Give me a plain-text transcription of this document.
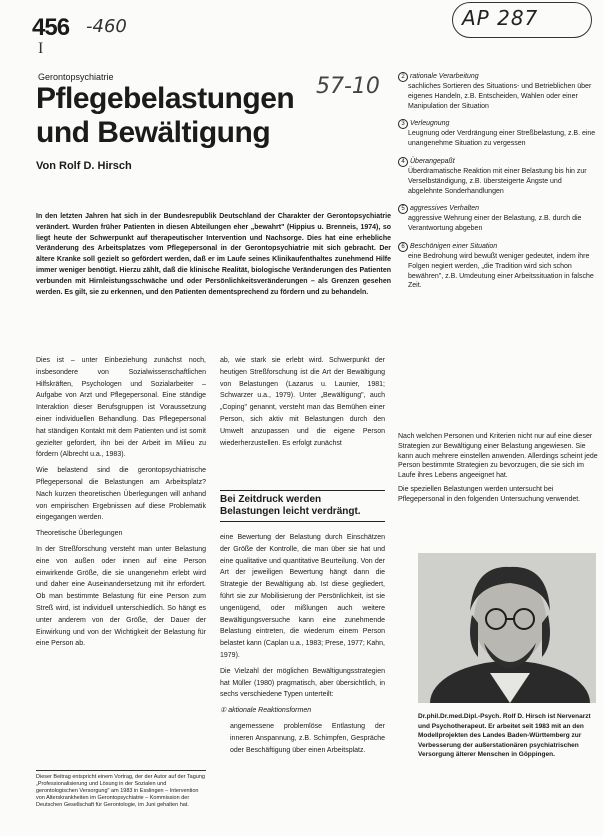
456 -460
I
AP 287
57-10
Gerontopsychiatrie
Pflegebelastungen
und Bewältigung
Von Rolf D. Hirsch
In den letzten Jahren hat sich in der Bundesrepublik Deutschland der Charakter der Gerontopsychiatrie verändert. Wurden früher Patienten in diesen Abteilungen eher „bewahrt" (Hippius u. Brenneis, 1974), so liegt heute der Schwerpunkt auf therapeutischer Intervention und Nachsorge. Dies hat eine erhebliche Veränderung des Arbeitsplatzes vom Pflegepersonal in der Gerontopsychiatrie mit sich gebracht. Der ältere Kranke soll gezielt so gefördert werden, daß er im Laufe seines Klinikaufenthaltes zunehmend Hilfe immer weniger benötigt. Hierzu zählt, daß die klinische Realität, biologische Veränderungen des Patienten verbunden mit Hirnleistungsschwäche und oder Persönlichkeitsveränderungen – als Grenzen gesehen werden. Es gilt, sie zu erkennen, und den Patienten dementsprechend zu fördern und zu behandeln.
2 rationale Verarbeitung
sachliches Sortieren des Situations- und Betrieblichen über eigenes Handeln, z.B. Entscheiden, Wahlen oder einer Manipulation der Situation
3 Verleugnung
Leugnung oder Verdrängung einer Streßbelastung, z.B. eine unangenehme Situation zu vergessen
4 Überangepaßt
Überdramatische Reaktion mit einer Belastung bis hin zur Verselbständigung, z.B. übersteigerte Ängste und abgelehnte Sonderhandlungen
5 aggressives Verhalten
aggressive Wehrung einer der Belastung, z.B. durch die Verantwortung abgeben
6 Beschönigen einer Situation
eine Bedrohung wird bewußt weniger gedeutet, indem ihre Folgen negiert werden, „die Tradition wird sich schon bewähren", z.B. Umdeutung einer Arbeitssituation in falsche Zeit.

Nach welchen Personen und Kriterien nicht nur auf eine dieser Strategien zur Bewältigung einer Belastung angewiesen. Sie kann auch mehrere einstellen anwenden. Allerdings scheint jede Person bestimmte Strategien zu bevorzugen, die sie sich im Laufe ihres Lebens angeeignet hat.

Die speziellen Belastungen werden untersucht bei Pflegepersonal in den folgenden Untersuchung verwendet.

Dies ist – unter Einbeziehung zunächst noch, insbesondere von Sozialwissenschaftlichen Hilfskräften, Psychologen und Sozialarbeiter – Aufgabe von Arzt und Pflegepersonal. Eine ständige Interaktion dieser Berufsgruppen ist Voraussetzung einer individuellen Behandlung. Das Pflegepersonal hat ständigen Kontakt mit dem Patienten und ist somit gezielter gefordert, ihn bei der Arbeit im Milieu zu fördern (Albrecht u.a., 1983).

Wie belastend sind die gerontopsychiatrische Pflegepersonal die Belastungen am Arbeitsplatz? Nach kurzen theoretischen Überlegungen will anhand von empirischen Ergebnissen auf diese Problematik eingegangen werden.

Theoretische Überlegungen

In der Streßforschung versteht man unter Belastung eine von außen oder innen auf eine Person einwirkende Größe, die sie unangenehm erlebt wird und daher eine Auseinandersetzung mit ihr erfordert. Ob man bestimmte Belastung für eine Person zum Streß wird, ist individuell unterschiedlich. So hängt es unter anderem von der Größe, der Dauer der Einwirkung und von der Wichtigkeit der Belastung für eine Person ab.

ab, wie stark sie erlebt wird. Schwerpunkt der heutigen Streßforschung ist die Art der Bewältigung von Belastungen (Lazarus u. Launier, 1981; Schwarzer u.a., 1979). Unter „Bewältigung", auch „Coping" genannt, versteht man das Bemühen einer Person, sich aktiv mit Belastungen durch den Umwelt anzupassen und die eigene Person wiederherzustellen. Es erfolgt zunächst

Bei Zeitdruck werden
Belastungen leicht verdrängt.

eine Bewertung der Belastung durch Einschätzen der Größe der Kontrolle, die man über sie hat und eine qualitative und quantitative Beurteilung. Von der Art der jeweiligen Bewertung hängt dann die Strategie der Bewältigung ab. Ist diese gegliedert, führt sie zur Mobilisierung der Persönlichkeit, ist sie ungenügend, oder mißlungen auch weitere Bewältigungsversuche kann eine zunehmende Belastung eintreten, die wiederum einem Person belastet kann (Caplan u.a., 1983; Prese, 1977; Kahn, 1979).

Die Vielzahl der möglichen Bewältigungsstrategien hat Müller (1980) pragmatisch, aber übersichtlich, in sechs verschiedene Typen unterteilt:

① aktionale Reaktionsformen

angemessene problemlöse Entlastung der inneren Anspannung, z.B. Schimpfen, Gespräche oder Beschäftigung über einen Arbeitsplatz.

Dieser Beitrag entspricht einem Vortrag, der der Autor auf der Tagung „Professionalisierung und Lösung in der Sozialen und gerontologischen Versorgung" am 1983 in Esslingen – Intervention von Alterskrankheiten im Gerontopsychiatrie – Kommission der Deutschen Gesellschaft für Gerontologie, im Juni gehalten hat.
Dr.phil.Dr.med.Dipl.-Psych. Rolf D. Hirsch ist Nervenarzt und Psychotherapeut. Er arbeitet seit 1983 mit an den Modellprojekten des Landes Baden-Württemberg zur Verbesserung der außerstationären psychiatrischen Versorgung älterer Menschen in Göppingen.
